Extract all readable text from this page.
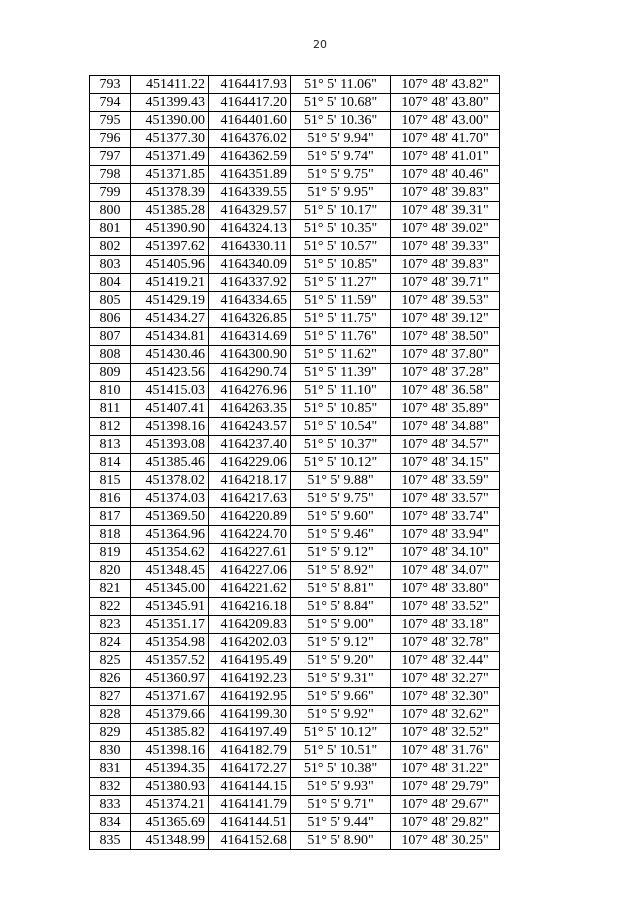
20
793	451411.22	4164417.93	51° 5' 11.06"	107° 48' 43.82"
794	451399.43	4164417.20	51° 5' 10.68"	107° 48' 43.80"
795	451390.00	4164401.60	51° 5' 10.36"	107° 48' 43.00"
796	451377.30	4164376.02	51° 5' 9.94"	107° 48' 41.70"
797	451371.49	4164362.59	51° 5' 9.74"	107° 48' 41.01"
798	451371.85	4164351.89	51° 5' 9.75"	107° 48' 40.46"
799	451378.39	4164339.55	51° 5' 9.95"	107° 48' 39.83"
800	451385.28	4164329.57	51° 5' 10.17"	107° 48' 39.31"
801	451390.90	4164324.13	51° 5' 10.35"	107° 48' 39.02"
802	451397.62	4164330.11	51° 5' 10.57"	107° 48' 39.33"
803	451405.96	4164340.09	51° 5' 10.85"	107° 48' 39.83"
804	451419.21	4164337.92	51° 5' 11.27"	107° 48' 39.71"
805	451429.19	4164334.65	51° 5' 11.59"	107° 48' 39.53"
806	451434.27	4164326.85	51° 5' 11.75"	107° 48' 39.12"
807	451434.81	4164314.69	51° 5' 11.76"	107° 48' 38.50"
808	451430.46	4164300.90	51° 5' 11.62"	107° 48' 37.80"
809	451423.56	4164290.74	51° 5' 11.39"	107° 48' 37.28"
810	451415.03	4164276.96	51° 5' 11.10"	107° 48' 36.58"
811	451407.41	4164263.35	51° 5' 10.85"	107° 48' 35.89"
812	451398.16	4164243.57	51° 5' 10.54"	107° 48' 34.88"
813	451393.08	4164237.40	51° 5' 10.37"	107° 48' 34.57"
814	451385.46	4164229.06	51° 5' 10.12"	107° 48' 34.15"
815	451378.02	4164218.17	51° 5' 9.88"	107° 48' 33.59"
816	451374.03	4164217.63	51° 5' 9.75"	107° 48' 33.57"
817	451369.50	4164220.89	51° 5' 9.60"	107° 48' 33.74"
818	451364.96	4164224.70	51° 5' 9.46"	107° 48' 33.94"
819	451354.62	4164227.61	51° 5' 9.12"	107° 48' 34.10"
820	451348.45	4164227.06	51° 5' 8.92"	107° 48' 34.07"
821	451345.00	4164221.62	51° 5' 8.81"	107° 48' 33.80"
822	451345.91	4164216.18	51° 5' 8.84"	107° 48' 33.52"
823	451351.17	4164209.83	51° 5' 9.00"	107° 48' 33.18"
824	451354.98	4164202.03	51° 5' 9.12"	107° 48' 32.78"
825	451357.52	4164195.49	51° 5' 9.20"	107° 48' 32.44"
826	451360.97	4164192.23	51° 5' 9.31"	107° 48' 32.27"
827	451371.67	4164192.95	51° 5' 9.66"	107° 48' 32.30"
828	451379.66	4164199.30	51° 5' 9.92"	107° 48' 32.62"
829	451385.82	4164197.49	51° 5' 10.12"	107° 48' 32.52"
830	451398.16	4164182.79	51° 5' 10.51"	107° 48' 31.76"
831	451394.35	4164172.27	51° 5' 10.38"	107° 48' 31.22"
832	451380.93	4164144.15	51° 5' 9.93"	107° 48' 29.79"
833	451374.21	4164141.79	51° 5' 9.71"	107° 48' 29.67"
834	451365.69	4164144.51	51° 5' 9.44"	107° 48' 29.82"
835	451348.99	4164152.68	51° 5' 8.90"	107° 48' 30.25"
